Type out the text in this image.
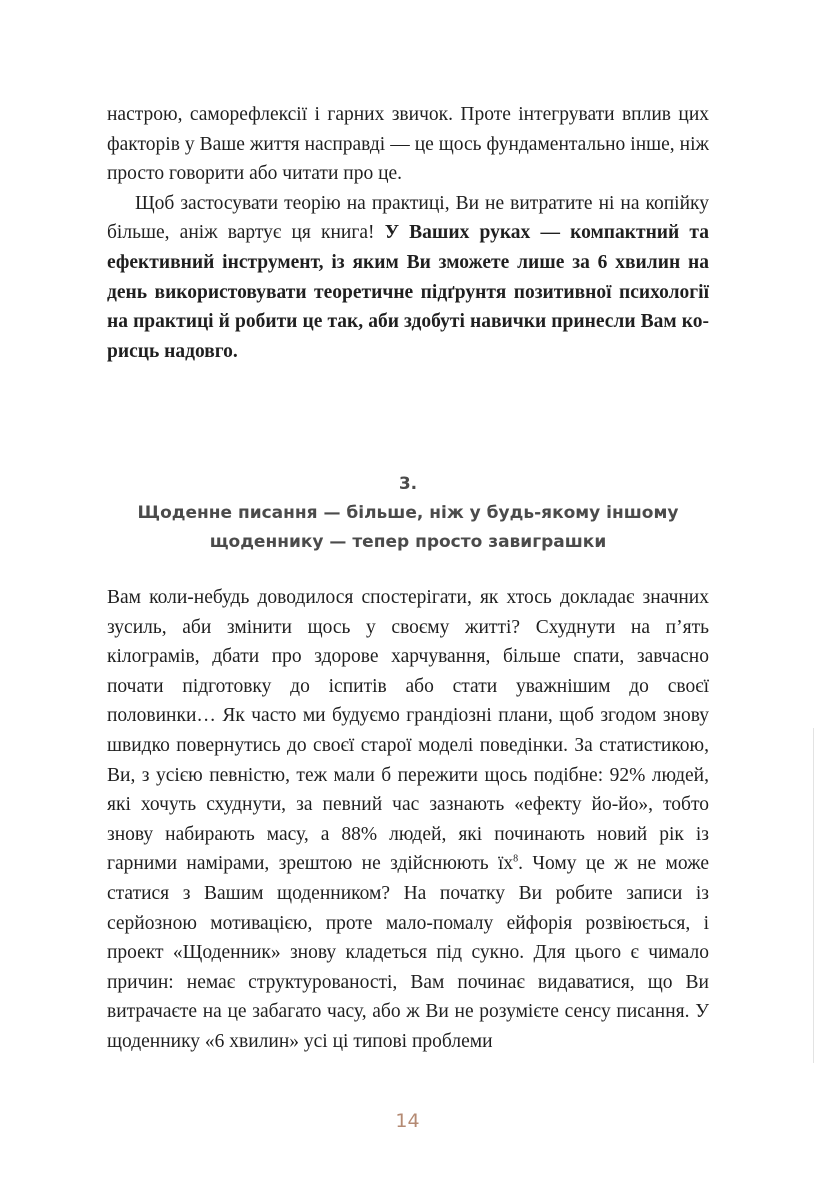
настрою, саморефлексії і гарних звичок. Проте інтегрувати вплив цих факторів у Ваше життя насправді — це щось фундаментально інше, ніж просто говорити або читати про це.

Щоб застосувати теорію на практиці, Ви не витратите ні на копійку більше, аніж вартує ця книга! У Ваших руках — компактний та ефективний інструмент, із яким Ви зможете лише за 6 хвилин на день використовувати теоретичне підґрунтя позитивної психології на практиці й робити це так, аби здобуті навички принесли Вам корисць надовго.

3.
Щоденне писання — більше, ніж у будь-якому іншому
щоденнику — тепер просто завиграшки

Вам коли-небудь доводилося спостерігати, як хтось докладає значних зусиль, аби змінити щось у своєму житті? Схуднути на п’ять кілограмів, дбати про здорове харчування, більше спати, завчасно почати підготовку до іспитів або стати уважнішим до своєї половинки… Як часто ми будуємо грандіозні плани, щоб згодом знову швидко повернутись до своєї старої моделі поведінки. За статистикою, Ви, з усією певністю, теж мали б пережити щось подібне: 92% людей, які хочуть схуднути, за певний час зазнають «ефекту йо-йо», тобто знову набирають масу, а 88% людей, які починають новий рік із гарними намірами, зрештою не здійснюють $їх^8$. Чому це ж не може статися з Вашим щоденником? На початку Ви робите записи із серйозною мотивацією, проте мало-помалу ейфорія розвіюється, і проект «Щоденник» знову кладеться під сукно. Для цього є чимало причин: немає структурованості, Вам починає видаватися, що Ви витрачаєте на це забагато часу, або ж Ви не розумієте сенсу писання. У щоденнику «6 хвилин» усі ці типові проблеми

14
